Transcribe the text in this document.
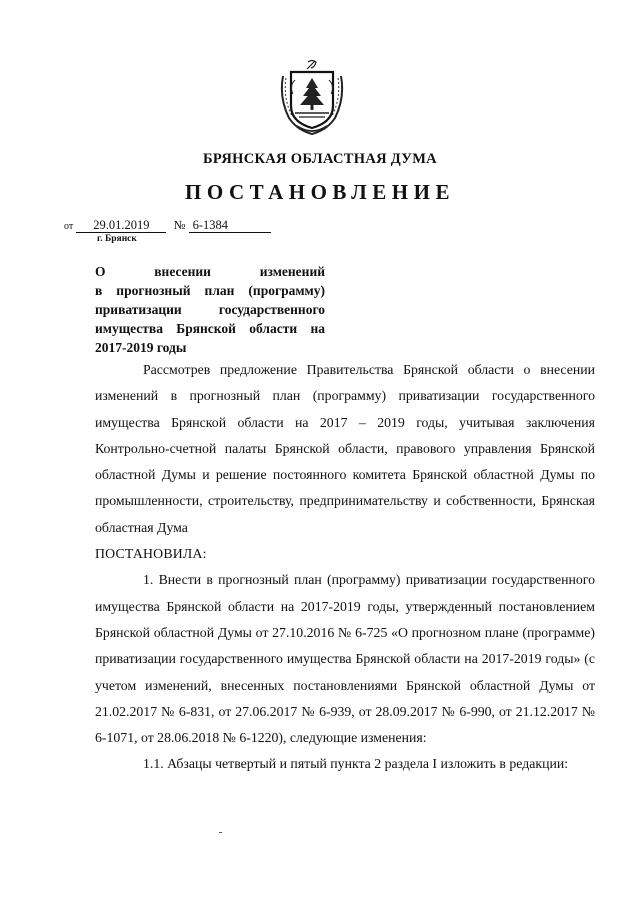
БРЯНСКАЯ ОБЛАСТНАЯ ДУМА
ПОСТАНОВЛЕНИЕ
от 29.01.2019 № 6-1384
г. Брянск
О	внесении	изменений
в прогнозный план (программу)
приватизации государственного
имущества Брянской области на
2017-2019 годы

Рассмотрев предложение Правительства Брянской области о внесении изменений в прогнозный план (программу) приватизации государственного имущества Брянской области на 2017 – 2019 годы, учитывая заключения Контрольно-счетной палаты Брянской области, правового управления Брянской областной Думы и решение постоянного комитета Брянской областной Думы по промышленности, строительству, предпринимательству и собственности, Брянская областная Дума

ПОСТАНОВИЛА:

1. Внести в прогнозный план (программу) приватизации государственного имущества Брянской области на 2017-2019 годы, утвержденный постановлением Брянской областной Думы от 27.10.2016 № 6-725 «О прогнозном плане (программе) приватизации государственного имущества Брянской области на 2017-2019 годы» (с учетом изменений, внесенных постановлениями Брянской областной Думы от 21.02.2017 № 6-831, от 27.06.2017 № 6-939, от 28.09.2017 № 6-990, от 21.12.2017 № 6-1071, от 28.06.2018 № 6-1220), следующие изменения:

1.1. Абзацы четвертый и пятый пункта 2 раздела I изложить в редакции:
